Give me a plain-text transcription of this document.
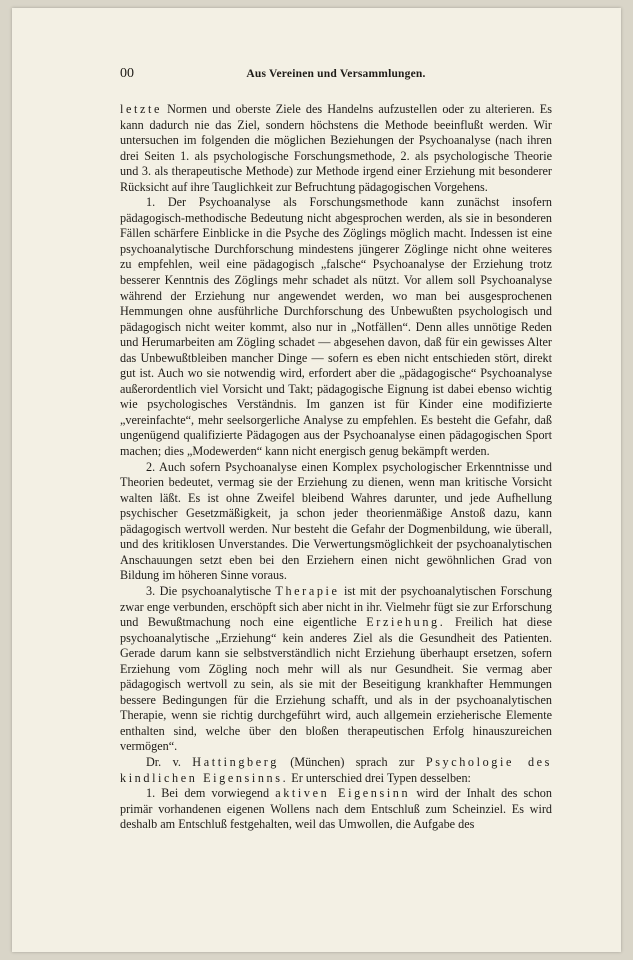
00	Aus Vereinen und Versammlungen.

letzte Normen und oberste Ziele des Handelns aufzustellen oder zu alterieren. Es kann dadurch nie das Ziel, sondern höchstens die Methode beeinflußt werden. Wir untersuchen im folgenden die möglichen Beziehungen der Psychoanalyse (nach ihren drei Seiten 1. als psychologische Forschungsmethode, 2. als psychologische Theorie und 3. als therapeutische Methode) zur Methode irgend einer Erziehung mit besonderer Rücksicht auf ihre Tauglichkeit zur Befruchtung pädagogischen Vorgehens.

1. Der Psychoanalyse als Forschungsmethode kann zunächst insofern pädagogisch-methodische Bedeutung nicht abgesprochen werden, als sie in besonderen Fällen schärfere Einblicke in die Psyche des Zöglings möglich macht. Indessen ist eine psychoanalytische Durchforschung mindestens jüngerer Zöglinge nicht ohne weiteres zu empfehlen, weil eine pädagogisch „falsche“ Psychoanalyse der Erziehung trotz besserer Kenntnis des Zöglings mehr schadet als nützt. Vor allem soll Psychoanalyse während der Erziehung nur angewendet werden, wo man bei ausgesprochenen Hemmungen ohne ausführliche Durchforschung des Unbewußten psychologisch und pädagogisch nicht weiter kommt, also nur in „Notfällen“. Denn alles unnötige Reden und Herumarbeiten am Zögling schadet — abgesehen davon, daß für ein gewisses Alter das Unbewußtbleiben mancher Dinge — sofern es eben nicht entschieden stört, direkt gut ist. Auch wo sie notwendig wird, erfordert aber die „pädagogische“ Psychoanalyse außerordentlich viel Vorsicht und Takt; pädagogische Eignung ist dabei ebenso wichtig wie psychologisches Verständnis. Im ganzen ist für Kinder eine modifizierte „vereinfachte“, mehr seelsorgerliche Analyse zu empfehlen. Es besteht die Gefahr, daß ungenügend qualifizierte Pädagogen aus der Psychoanalyse einen pädagogischen Sport machen; dies „Modewerden“ kann nicht energisch genug bekämpft werden.

2. Auch sofern Psychoanalyse einen Komplex psychologischer Erkenntnisse und Theorien bedeutet, vermag sie der Erziehung zu dienen, wenn man kritische Vorsicht walten läßt. Es ist ohne Zweifel bleibend Wahres darunter, und jede Aufhellung psychischer Gesetzmäßigkeit, ja schon jeder theorienmäßige Anstoß dazu, kann pädagogisch wertvoll werden. Nur besteht die Gefahr der Dogmenbildung, wie überall, und des kritiklosen Unverstandes. Die Verwertungsmöglichkeit der psychoanalytischen Anschauungen setzt eben bei den Erziehern einen nicht gewöhnlichen Grad von Bildung im höheren Sinne voraus.

3. Die psychoanalytische Therapie ist mit der psychoanalytischen Forschung zwar enge verbunden, erschöpft sich aber nicht in ihr. Vielmehr fügt sie zur Erforschung und Bewußtmachung noch eine eigentliche Erziehung. Freilich hat diese psychoanalytische „Erziehung“ kein anderes Ziel als die Gesundheit des Patienten. Gerade darum kann sie selbstverständlich nicht Erziehung überhaupt ersetzen, sofern Erziehung vom Zögling noch mehr will als nur Gesundheit. Sie vermag aber pädagogisch wertvoll zu sein, als sie mit der Beseitigung krankhafter Hemmungen bessere Bedingungen für die Erziehung schafft, und als in der psychoanalytischen Therapie, wenn sie richtig durchgeführt wird, auch allgemein erzieherische Elemente enthalten sind, welche über den bloßen therapeutischen Erfolg hinauszureichen vermögen“.

Dr. v. Hattingberg (München) sprach zur Psychologie des kindlichen Eigensinns. Er unterschied drei Typen desselben:

1. Bei dem vorwiegend aktiven Eigensinn wird der Inhalt des schon primär vorhandenen eigenen Wollens nach dem Entschluß zum Scheinziel. Es wird deshalb am Entschluß festgehalten, weil das Umwollen, die Aufgabe des
